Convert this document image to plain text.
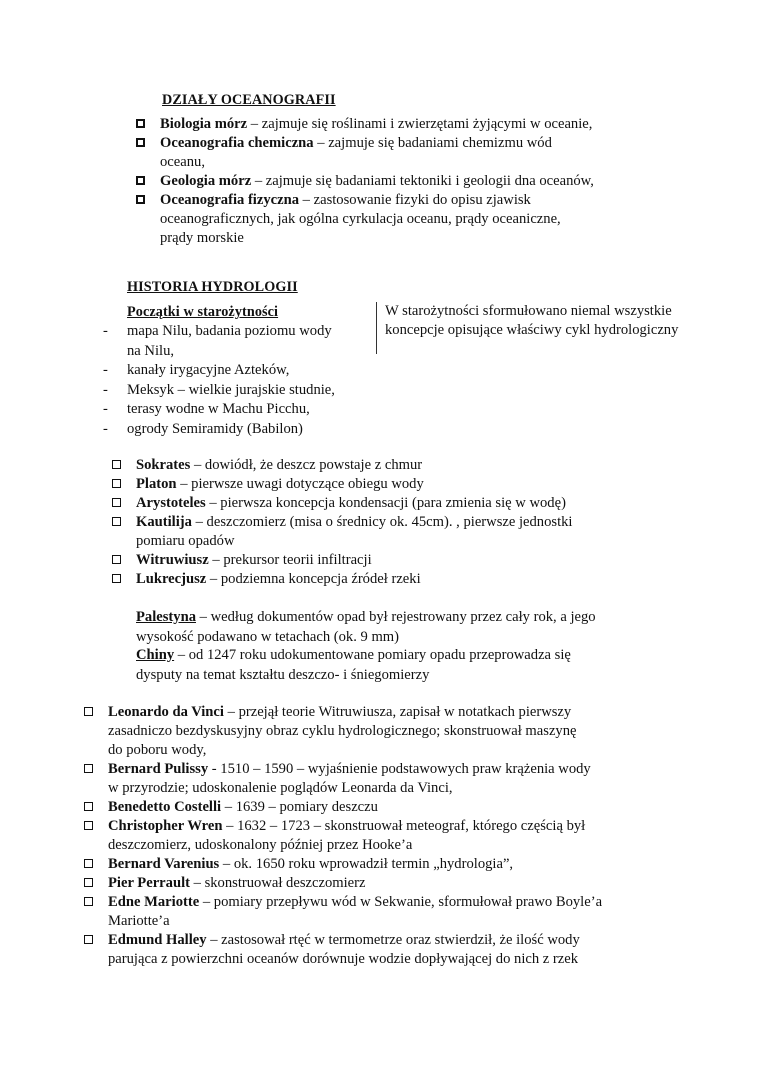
DZIAŁY OCEANOGRAFII
Biologia mórz – zajmuje się roślinami i zwierzętami żyjącymi w oceanie,
Oceanografia chemiczna – zajmuje się badaniami chemizmu wód
oceanu,
Geologia mórz – zajmuje się badaniami tektoniki i geologii dna oceanów,
Oceanografia fizyczna – zastosowanie fizyki do opisu zjawisk
oceanograficznych, jak ogólna cyrkulacja oceanu, prądy oceaniczne,
prądy morskie
HISTORIA HYDROLOGII
Początki w starożytności
- mapa Nilu, badania poziomu wody
na Nilu,
- kanały irygacyjne Azteków,
- Meksyk – wielkie jurajskie studnie,
- terasy wodne w Machu Picchu,
- ogrody Semiramidy (Babilon)
W starożytności sformułowano niemal wszystkie koncepcje opisujące właściwy cykl hydrologiczny
Sokrates – dowiódł, że deszcz powstaje z chmur
Platon – pierwsze uwagi dotyczące obiegu wody
Arystoteles – pierwsza koncepcja kondensacji (para zmienia się w wodę)
Kautilija – deszczomierz (misa o średnicy ok. 45cm). , pierwsze jednostki
pomiaru opadów
Witruwiusz – prekursor teorii infiltracji
Lukrecjusz – podziemna koncepcja źródeł rzeki
Palestyna – według dokumentów opad był rejestrowany przez cały rok, a jego
wysokość podawano w tetachach (ok. 9 mm)
Chiny – od 1247 roku udokumentowane pomiary opadu przeprowadza się
dysputy na temat kształtu deszczo- i śniegomierzy
Leonardo da Vinci – przejął teorie Witruwiusza, zapisał w notatkach pierwszy
zasadniczo bezdyskusyjny obraz cyklu hydrologicznego; skonstruował maszynę
do poboru wody,
Bernard Pulissy - 1510 – 1590 – wyjaśnienie podstawowych praw krążenia wody
w przyrodzie; udoskonalenie poglądów Leonarda da Vinci,
Benedetto Costelli – 1639 – pomiary deszczu
Christopher Wren – 1632 – 1723 – skonstruował meteograf, którego częścią był
deszczomierz, udoskonalony później przez Hooke’a
Bernard Varenius – ok. 1650 roku wprowadził termin „hydrologia”,
Pier Perrault – skonstruował deszczomierz
Edne Mariotte – pomiary przepływu wód w Sekwanie, sformułował prawo Boyle’a
Mariotte’a
Edmund Halley – zastosował rtęć w termometrze oraz stwierdził, że ilość wody
parująca z powierzchni oceanów dorównuje wodzie dopływającej do nich z rzek
